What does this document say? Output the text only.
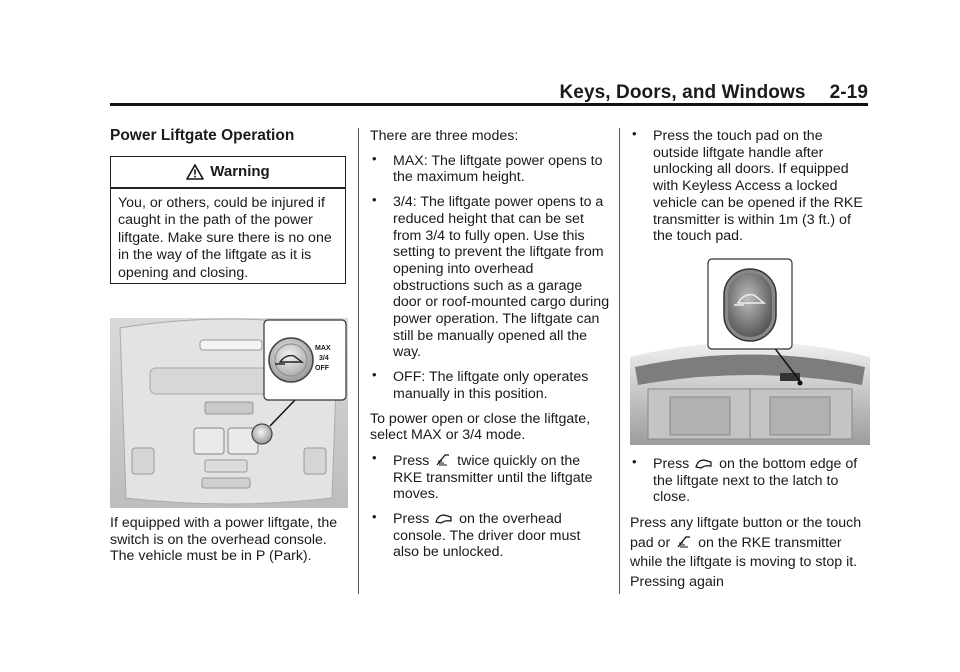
Keys, Doors, and Windows 2-19
Power Liftgate Operation
Warning
You, or others, could be injured if caught in the path of the power liftgate. Make sure there is no one in the way of the liftgate as it is opening and closing.
MAX
3/4
OFF

If equipped with a power liftgate, the switch is on the overhead console. The vehicle must be in P (Park).

There are three modes:

• MAX: The liftgate power opens to the maximum height.

• 3/4: The liftgate power opens to a reduced height that can be set from 3/4 to fully open. Use this setting to prevent the liftgate from opening into overhead obstructions such as a garage door or roof-mounted cargo during power operation. The liftgate can still be manually opened all the way.

• OFF: The liftgate only operates manually in this position.

To power open or close the liftgate, select MAX or 3/4 mode.

• Press twice quickly on the RKE transmitter until the liftgate moves.

• Press on the overhead console. The driver door must also be unlocked.

• Press the touch pad on the outside liftgate handle after unlocking all doors. If equipped with Keyless Access a locked vehicle can be opened if the RKE transmitter is within 1m (3 ft.) of the touch pad.

• Press on the bottom edge of the liftgate next to the latch to close.

Press any liftgate button or the touch pad or on the RKE transmitter while the liftgate is moving to stop it. Pressing again
